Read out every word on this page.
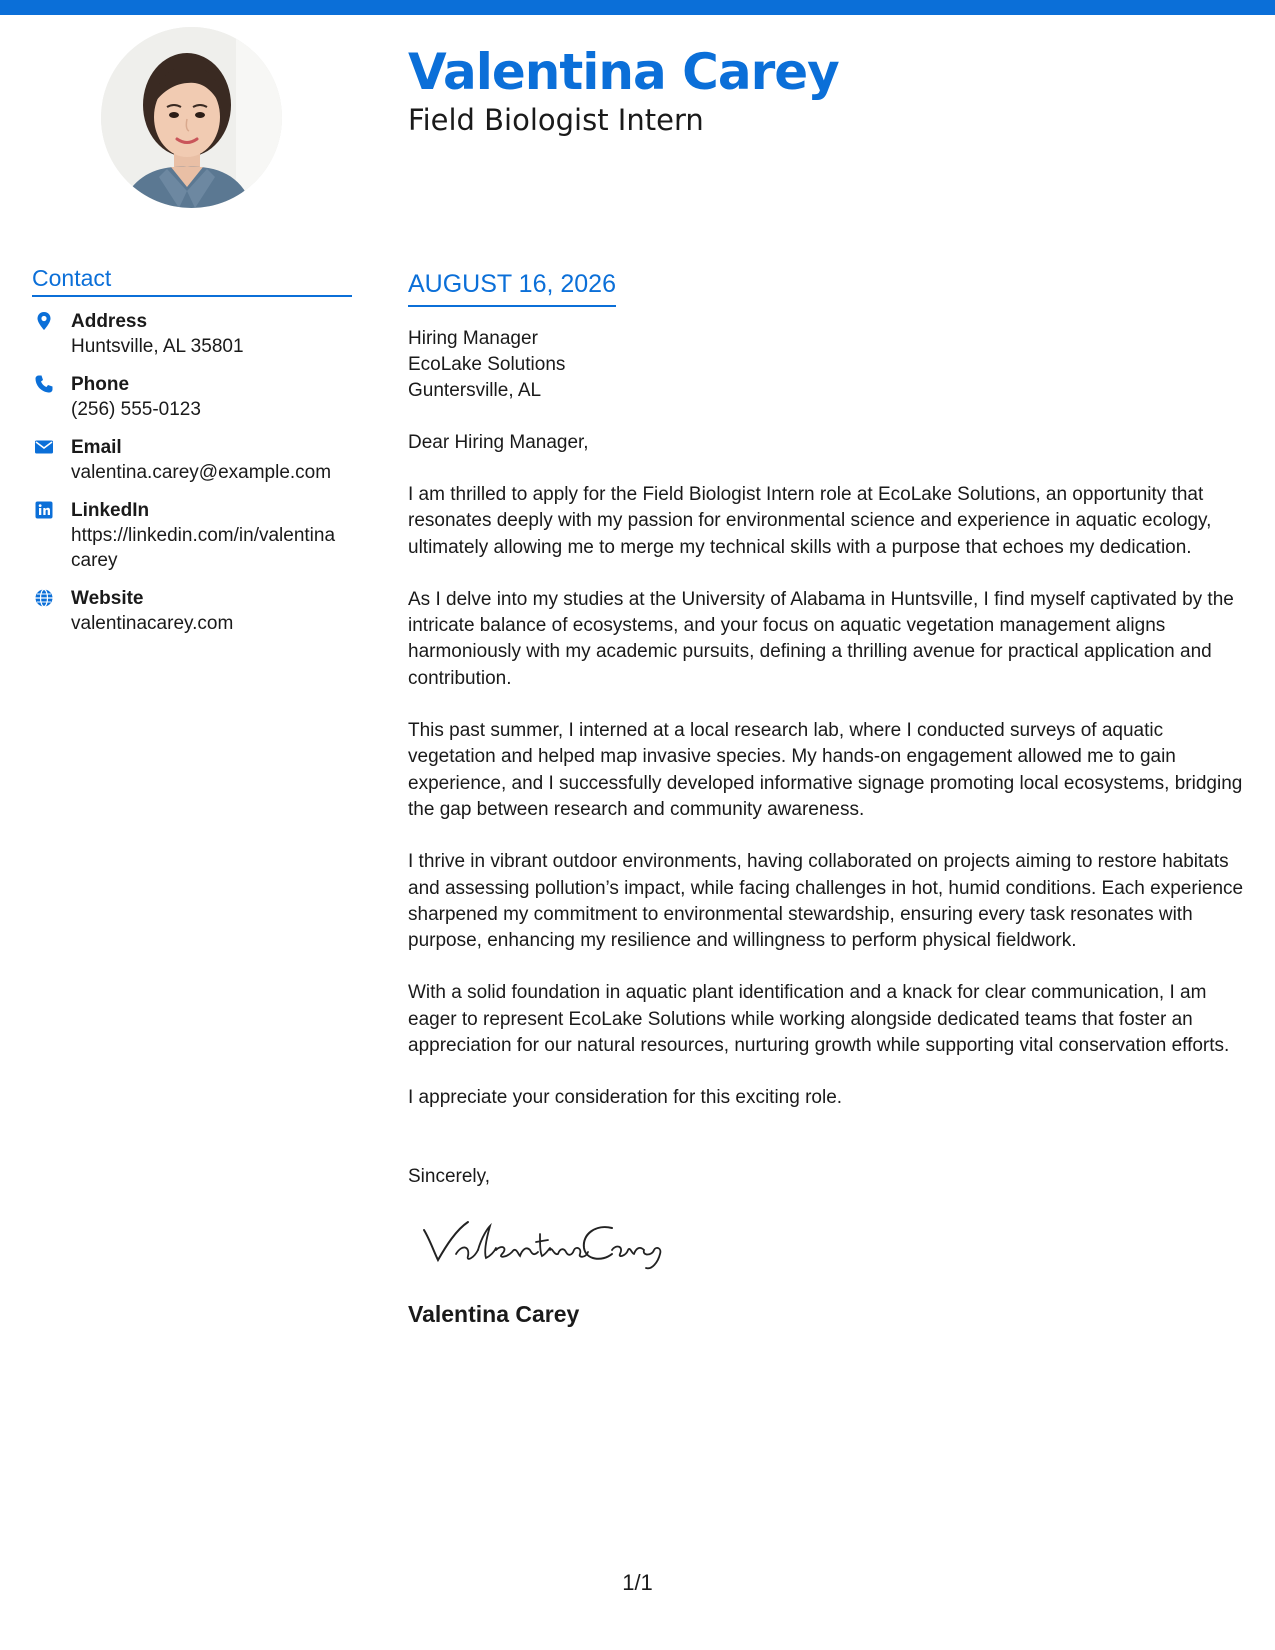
Valentina Carey
Field Biologist Intern
Contact
Address
Huntsville, AL 35801
Phone
(256) 555-0123
Email
valentina.carey@example.com
LinkedIn
https://linkedin.com/in/valentina carey
Website
valentinacarey.com
AUGUST 16, 2026
Hiring Manager
EcoLake Solutions
Guntersville, AL
Dear Hiring Manager,
I am thrilled to apply for the Field Biologist Intern role at EcoLake Solutions, an opportunity that resonates deeply with my passion for environmental science and experience in aquatic ecology, ultimately allowing me to merge my technical skills with a purpose that echoes my dedication.
As I delve into my studies at the University of Alabama in Huntsville, I find myself captivated by the intricate balance of ecosystems, and your focus on aquatic vegetation management aligns harmoniously with my academic pursuits, defining a thrilling avenue for practical application and contribution.
This past summer, I interned at a local research lab, where I conducted surveys of aquatic vegetation and helped map invasive species. My hands-on engagement allowed me to gain experience, and I successfully developed informative signage promoting local ecosystems, bridging the gap between research and community awareness.
I thrive in vibrant outdoor environments, having collaborated on projects aiming to restore habitats and assessing pollution’s impact, while facing challenges in hot, humid conditions. Each experience sharpened my commitment to environmental stewardship, ensuring every task resonates with purpose, enhancing my resilience and willingness to perform physical fieldwork.
With a solid foundation in aquatic plant identification and a knack for clear communication, I am eager to represent EcoLake Solutions while working alongside dedicated teams that foster an appreciation for our natural resources, nurturing growth while supporting vital conservation efforts.
I appreciate your consideration for this exciting role.
Sincerely,
Valentina Carey
1/1
